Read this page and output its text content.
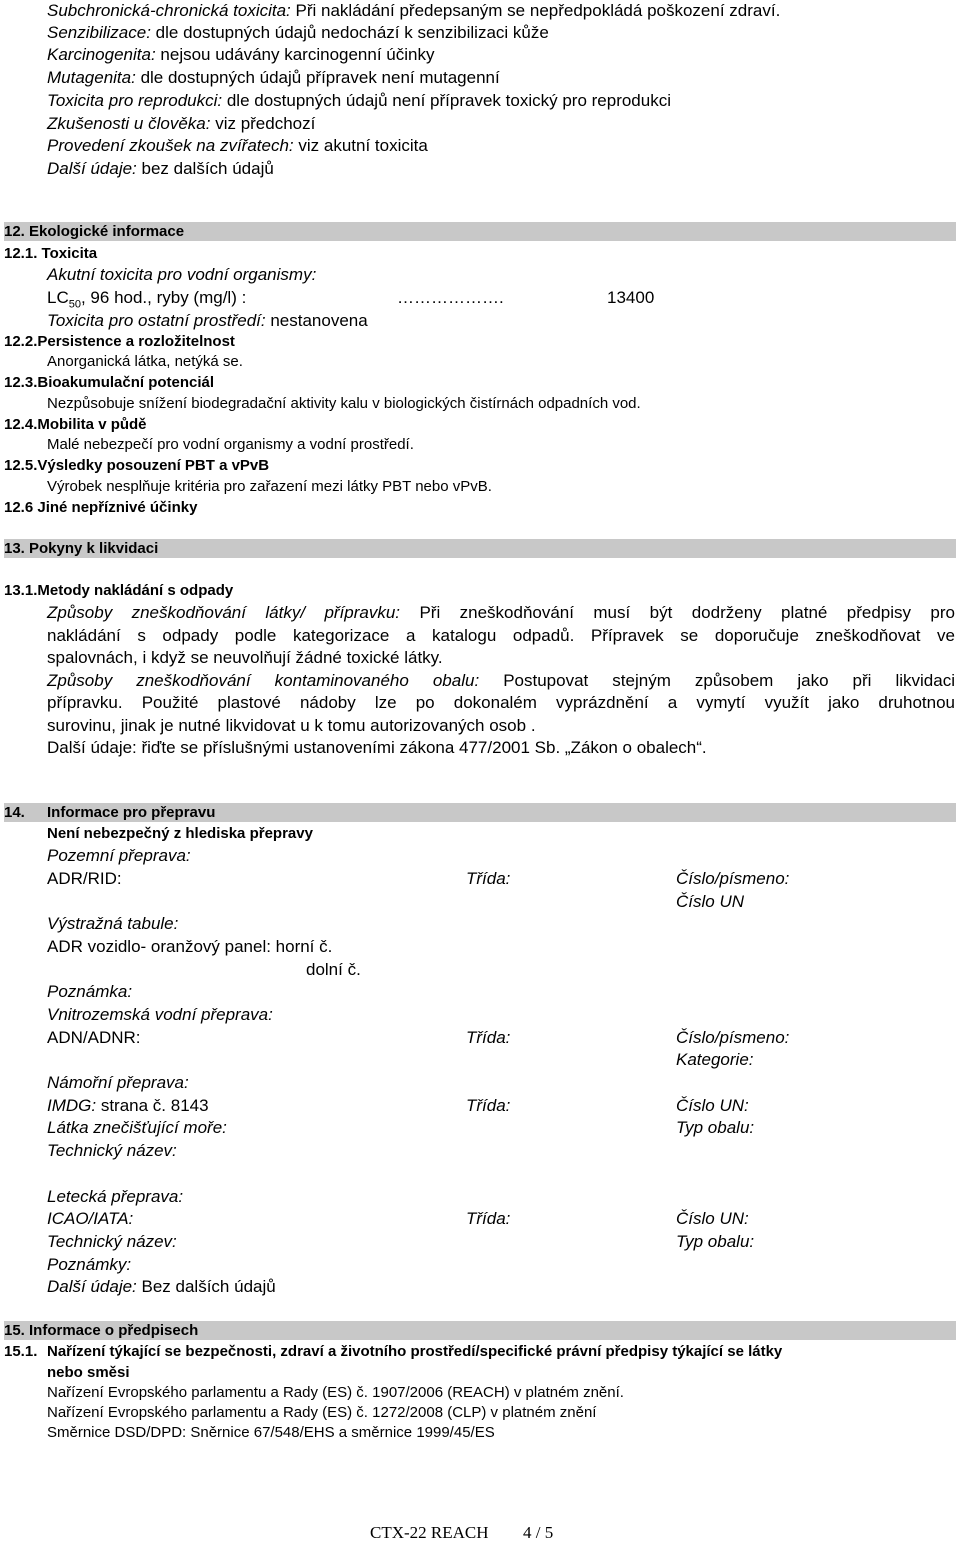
Subchronická-chronická toxicita: Při nakládání předepsaným se nepředpokládá poškození zdraví.
Senzibilizace: dle dostupných údajů nedochází k senzibilizaci kůže
Karcinogenita: nejsou udávány karcinogenní účinky
Mutagenita: dle dostupných údajů přípravek není mutagenní
Toxicita pro reprodukci: dle dostupných údajů není přípravek toxický pro reprodukci
Zkušenosti u člověka: viz předchozí
Provedení zkoušek na zvířatech: viz akutní toxicita
Další údaje: bez dalších údajů
12. Ekologické informace
12.1. Toxicita
Akutní toxicita pro vodní organismy:
$LC_{50}$, 96 hod., ryby (mg/l) :	……………….	13400
Toxicita pro ostatní prostředí: nestanovena
12.2.Persistence a rozložitelnost
Anorganická látka, netýká se.
12.3.Bioakumulační potenciál
Nezpůsobuje snížení biodegradační aktivity kalu v biologických čistírnách odpadních vod.
12.4.Mobilita v půdě
Malé nebezpečí pro vodní organismy a vodní prostředí.
12.5.Výsledky posouzení PBT a vPvB
Výrobek nesplňuje kritéria pro zařazení mezi látky PBT nebo vPvB.
12.6 Jiné nepříznivé účinky
13. Pokyny k likvidaci
13.1.Metody nakládání s odpady
Způsoby zneškodňování látky/ přípravku: Při zneškodňování musí být dodrženy platné předpisy pro
nakládání s odpady podle kategorizace a katalogu odpadů. Přípravek se doporučuje zneškodňovat ve
spalovnách, i když se neuvolňují žádné toxické látky.
Způsoby zneškodňování kontaminovaného obalu: Postupovat stejným způsobem jako při likvidaci
přípravku. Použité plastové nádoby lze po dokonalém vyprázdnění a vymytí využít jako druhotnou
surovinu, jinak je nutné likvidovat u k tomu autorizovaných osob .
Další údaje: řiďte se příslušnými ustanoveními zákona 477/2001 Sb. „Zákon o obalech“.
14. Informace pro přepravu
Není nebezpečný z hlediska přepravy
Pozemní přeprava:
ADR/RID:	Třída:	Číslo/písmeno:
Číslo UN
Výstražná tabule:
ADR vozidlo- oranžový panel: horní č.
dolní č.
Poznámka:
Vnitrozemská vodní přeprava:
ADN/ADNR:	Třída:	Číslo/písmeno:
Kategorie:
Námořní přeprava:
IMDG: strana č. 8143	Třída:	Číslo UN:
Látka znečišťující moře:	Typ obalu:
Technický název:
Letecká přeprava:
ICAO/IATA:	Třída:	Číslo UN:
Technický název:	Typ obalu:
Poznámky:
Další údaje: Bez dalších údajů
15. Informace o předpisech
15.1. Nařízení týkající se bezpečnosti, zdraví a životního prostředí/specifické právní předpisy týkající se látky
nebo směsi
Nařízení Evropského parlamentu a Rady (ES) č. 1907/2006 (REACH) v platném znění.
Nařízení Evropského parlamentu a Rady (ES) č. 1272/2008 (CLP) v platném znění
Směrnice DSD/DPD: Sněrnice 67/548/EHS a směrnice 1999/45/ES
CTX-22 REACH 4 / 5
